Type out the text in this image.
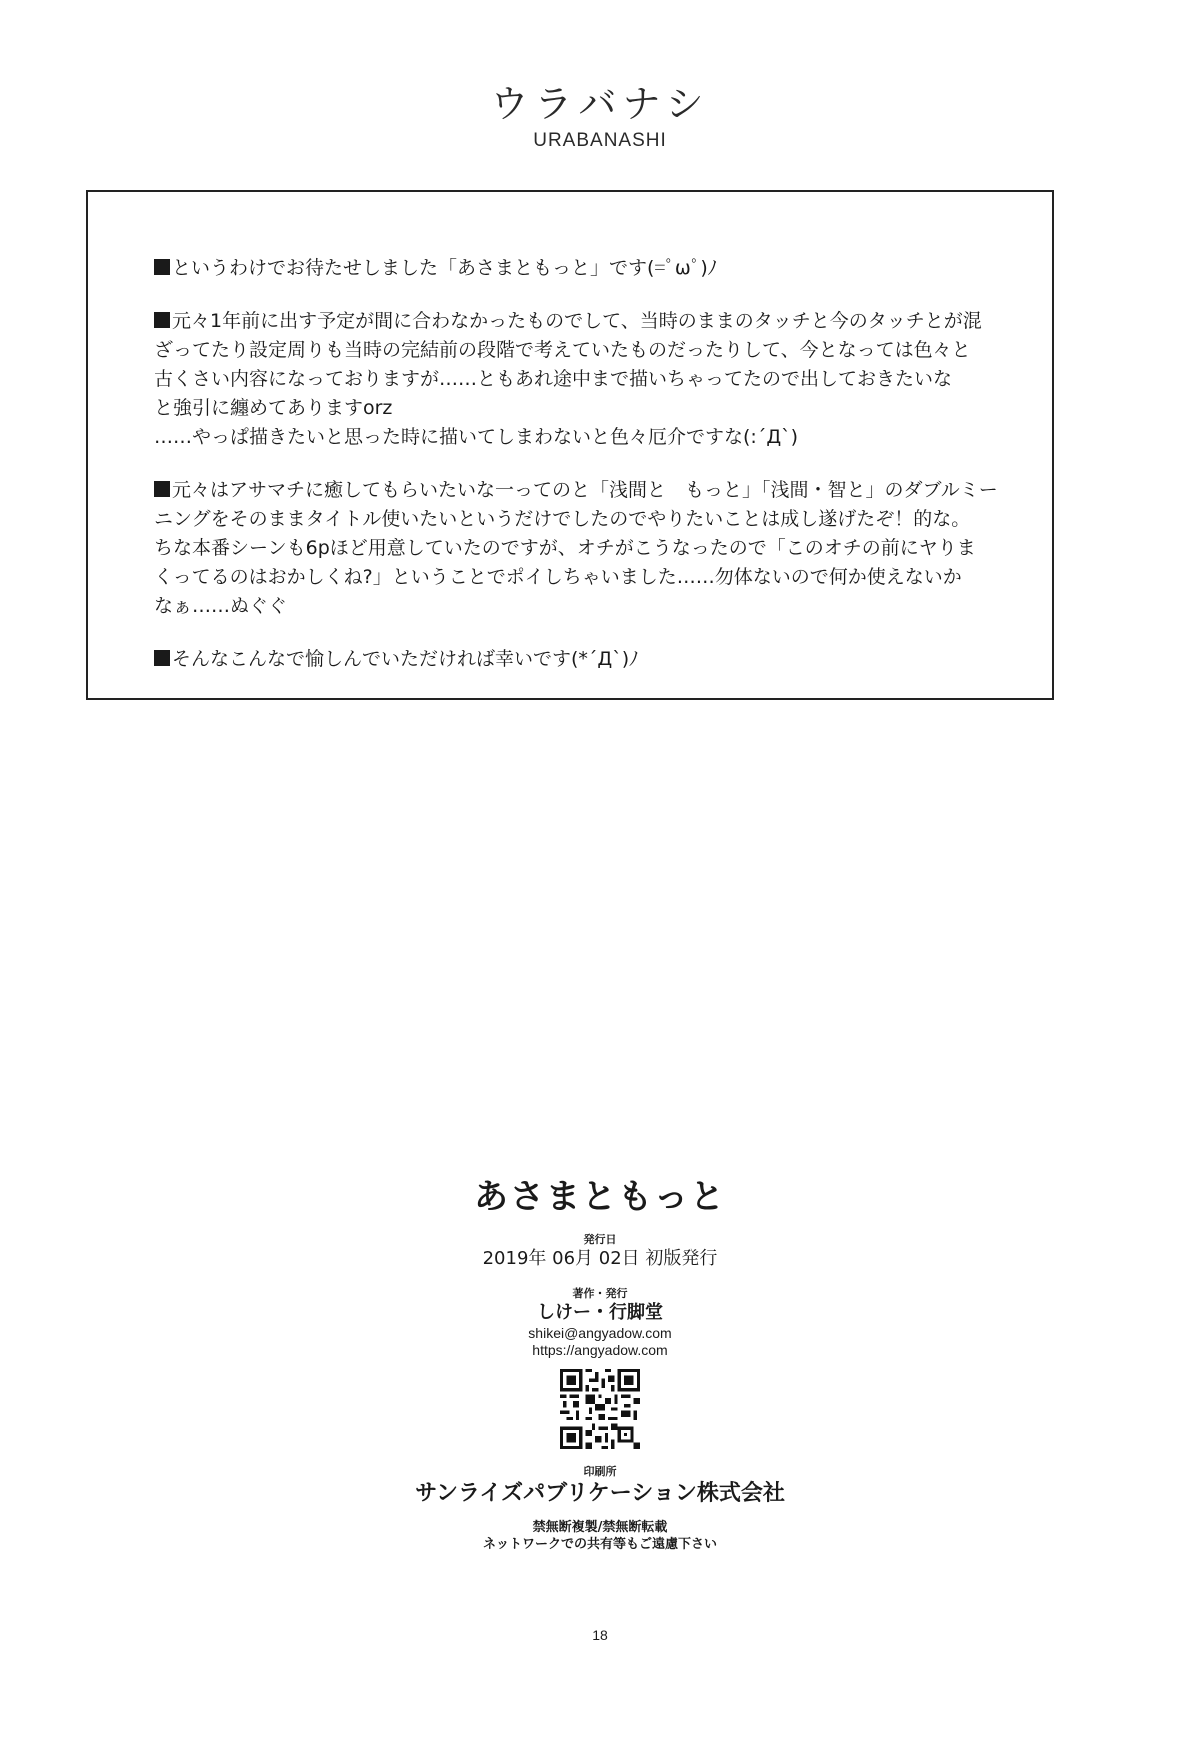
ウラバナシ
URABANASHI

というわけでお待たせしました「あさまともっと」です(=ﾟωﾟ)ﾉ

元々1年前に出す予定が間に合わなかったものでして、当時のままのタッチと今のタッチとが混
ざってたり設定周りも当時の完結前の段階で考えていたものだったりして、今となっては色々と
古くさい内容になっておりますが……ともあれ途中まで描いちゃってたので出しておきたいな
と強引に纏めてありますorz
……やっぱ描きたいと思った時に描いてしまわないと色々厄介ですな(:´Д`)

元々はアサマチに癒してもらいたいな一ってのと「浅間と　もっと」「浅間・智と」のダブルミー
ニングをそのままタイトル使いたいというだけでしたのでやりたいことは成し遂げたぞ！的な。
ちな本番シーンも6pほど用意していたのですが、オチがこうなったので「このオチの前にヤりま
くってるのはおかしくね?」ということでポイしちゃいました……勿体ないので何か使えないか
なぁ……ぬぐぐ

そんなこんなで愉しんでいただければ幸いです(*´Д`)ﾉ

あさまともっと
発行日
2019年 06月 02日 初版発行
著作・発行
しけー・行脚堂
shikei@angyadow.com
https://angyadow.com
印刷所
サンライズパブリケーション株式会社
禁無断複製/禁無断転載
ネットワークでの共有等もご遠慮下さい
18
